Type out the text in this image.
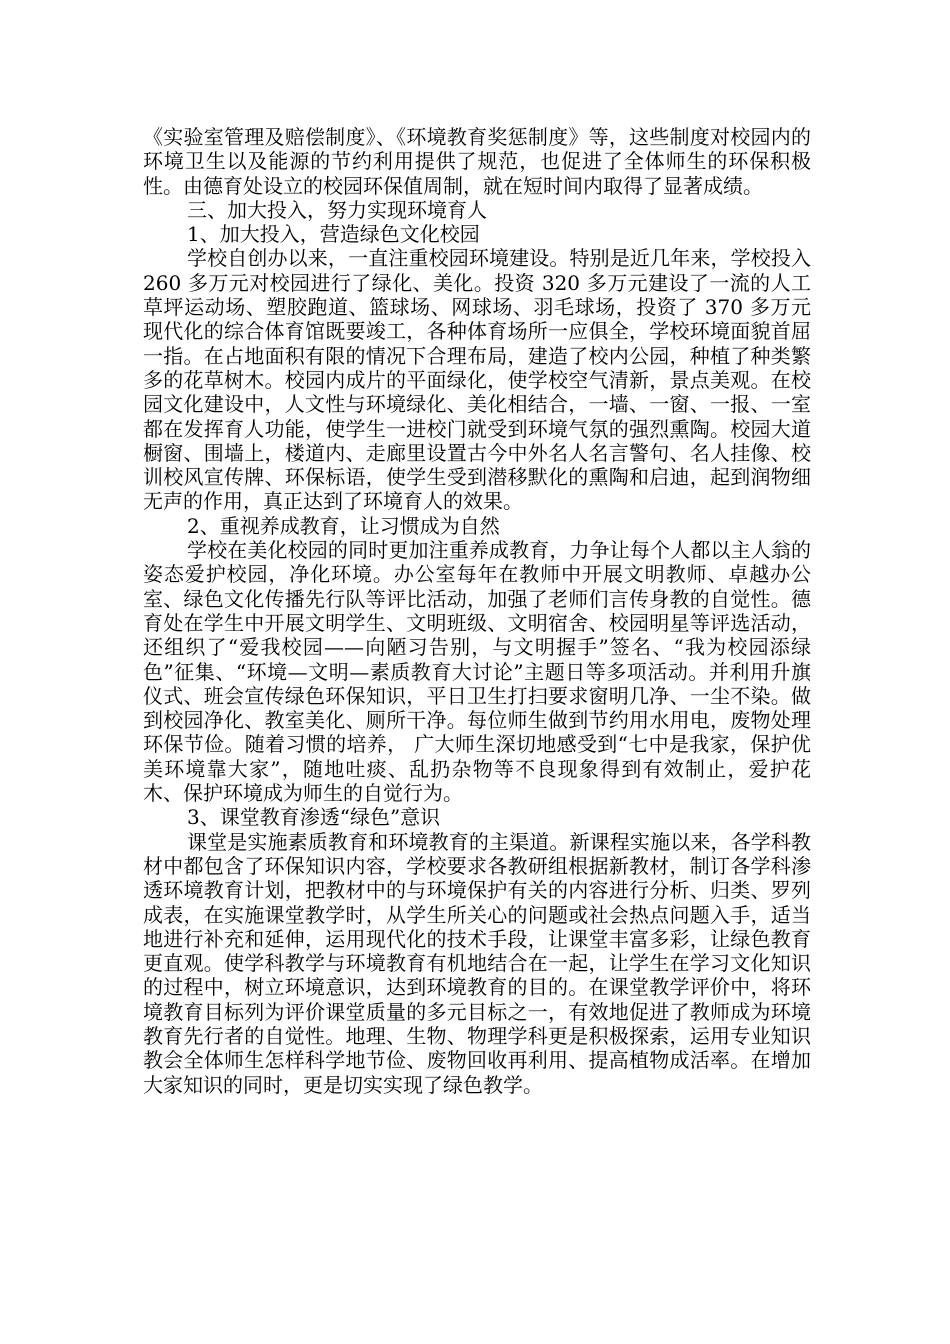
《实验室管理及赔偿制度》、《环境教育奖惩制度》等，这些制度对校园内的环境卫生以及能源的节约利用提供了规范，也促进了全体师生的环保积极性。由德育处设立的校园环保值周制，就在短时间内取得了显著成绩。

三、加大投入，努力实现环境育人

1、加大投入，营造绿色文化校园

学校自创办以来，一直注重校园环境建设。特别是近几年来，学校投入 260 多万元对校园进行了绿化、美化。投资 320 多万元建设了一流的人工草坪运动场、塑胶跑道、篮球场、网球场、羽毛球场，投资了 370 多万元现代化的综合体育馆既要竣工，各种体育场所一应俱全，学校环境面貌首屈一指。在占地面积有限的情况下合理布局，建造了校内公园，种植了种类繁多的花草树木。校园内成片的平面绿化，使学校空气清新，景点美观。在校园文化建设中，人文性与环境绿化、美化相结合，一墙、一窗、一报、一室都在发挥育人功能，使学生一进校门就受到环境气氛的强烈熏陶。校园大道橱窗、围墙上，楼道内、走廊里设置古今中外名人名言警句、名人挂像、校训校风宣传牌、环保标语，使学生受到潜移默化的熏陶和启迪，起到润物细无声的作用，真正达到了环境育人的效果。

2、重视养成教育，让习惯成为自然

学校在美化校园的同时更加注重养成教育，力争让每个人都以主人翁的姿态爱护校园，净化环境。办公室每年在教师中开展文明教师、卓越办公室、绿色文化传播先行队等评比活动，加强了老师们言传身教的自觉性。德育处在学生中开展文明学生、文明班级、文明宿舍、校园明星等评选活动，还组织了“爱我校园——向陋习告别，与文明握手”签名、“我为校园添绿色”征集、“环境—文明—素质教育大讨论”主题日等多项活动。并利用升旗仪式、班会宣传绿色环保知识，平日卫生打扫要求窗明几净、一尘不染。做到校园净化、教室美化、厕所干净。每位师生做到节约用水用电，废物处理环保节俭。随着习惯的培养， 广大师生深切地感受到“七中是我家，保护优美环境靠大家”，随地吐痰、乱扔杂物等不良现象得到有效制止，爱护花木、保护环境成为师生的自觉行为。

3、课堂教育渗透“绿色”意识

课堂是实施素质教育和环境教育的主渠道。新课程实施以来，各学科教材中都包含了环保知识内容，学校要求各教研组根据新教材，制订各学科渗透环境教育计划，把教材中的与环境保护有关的内容进行分析、归类、罗列成表，在实施课堂教学时，从学生所关心的问题或社会热点问题入手，适当地进行补充和延伸，运用现代化的技术手段，让课堂丰富多彩，让绿色教育更直观。使学科教学与环境教育有机地结合在一起，让学生在学习文化知识的过程中，树立环境意识，达到环境教育的目的。在课堂教学评价中，将环境教育目标列为评价课堂质量的多元目标之一，有效地促进了教师成为环境教育先行者的自觉性。地理、生物、物理学科更是积极探索，运用专业知识教会全体师生怎样科学地节俭、废物回收再利用、提高植物成活率。在增加大家知识的同时，更是切实实现了绿色教学。
